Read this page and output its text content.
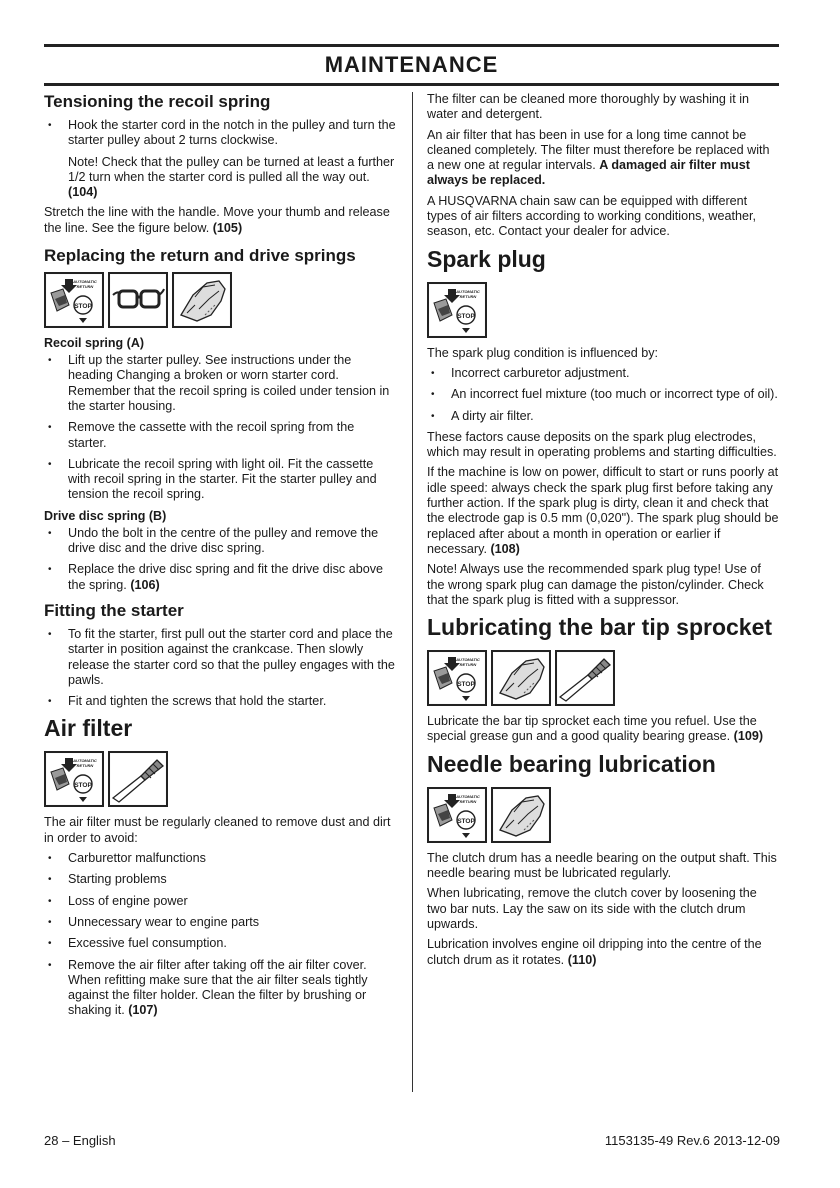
MAINTENANCE
Tensioning the recoil spring
• Hook the starter cord in the notch in the pulley and turn the starter pulley about 2 turns clockwise.

Note! Check that the pulley can be turned at least a further 1/2 turn when the starter cord is pulled all the way out. (104)

Stretch the line with the handle. Move your thumb and release the line. See the figure below. (105)

Replacing the return and drive springs
Recoil spring (A)
• Lift up the starter pulley. See instructions under the heading Changing a broken or worn starter cord. Remember that the recoil spring is coiled under tension in the starter housing.
• Remove the cassette with the recoil spring from the starter.
• Lubricate the recoil spring with light oil. Fit the cassette with recoil spring in the starter. Fit the starter pulley and tension the recoil spring.
Drive disc spring (B)
• Undo the bolt in the centre of the pulley and remove the drive disc and the drive disc spring.
• Replace the drive disc spring and fit the drive disc above the spring. (106)
Fitting the starter
• To fit the starter, first pull out the starter cord and place the starter in position against the crankcase. Then slowly release the starter cord so that the pulley engages with the pawls.
• Fit and tighten the screws that hold the starter.
Air filter

The air filter must be regularly cleaned to remove dust and dirt in order to avoid:

• Carburettor malfunctions
• Starting problems
• Loss of engine power
• Unnecessary wear to engine parts
• Excessive fuel consumption.
• Remove the air filter after taking off the air filter cover. When refitting make sure that the air filter seals tightly against the filter holder. Clean the filter by brushing or shaking it. (107)

The filter can be cleaned more thoroughly by washing it in water and detergent.

An air filter that has been in use for a long time cannot be cleaned completely. The filter must therefore be replaced with a new one at regular intervals. A damaged air filter must always be replaced.

A HUSQVARNA chain saw can be equipped with different types of air filters according to working conditions, weather, season, etc. Contact your dealer for advice.

Spark plug

The spark plug condition is influenced by:

• Incorrect carburetor adjustment.
• An incorrect fuel mixture (too much or incorrect type of oil).
• A dirty air filter.

These factors cause deposits on the spark plug electrodes, which may result in operating problems and starting difficulties.

If the machine is low on power, difficult to start or runs poorly at idle speed: always check the spark plug first before taking any further action. If the spark plug is dirty, clean it and check that the electrode gap is 0.5 mm (0,020"). The spark plug should be replaced after about a month in operation or earlier if necessary. (108)

Note! Always use the recommended spark plug type! Use of the wrong spark plug can damage the piston/cylinder. Check that the spark plug is fitted with a suppressor.

Lubricating the bar tip sprocket

Lubricate the bar tip sprocket each time you refuel. Use the special grease gun and a good quality bearing grease. (109)

Needle bearing lubrication

The clutch drum has a needle bearing on the output shaft. This needle bearing must be lubricated regularly.

When lubricating, remove the clutch cover by loosening the two bar nuts. Lay the saw on its side with the clutch drum upwards.

Lubrication involves engine oil dripping into the centre of the clutch drum as it rotates. (110)

28 – English	1153135-49 Rev.6 2013-12-09
